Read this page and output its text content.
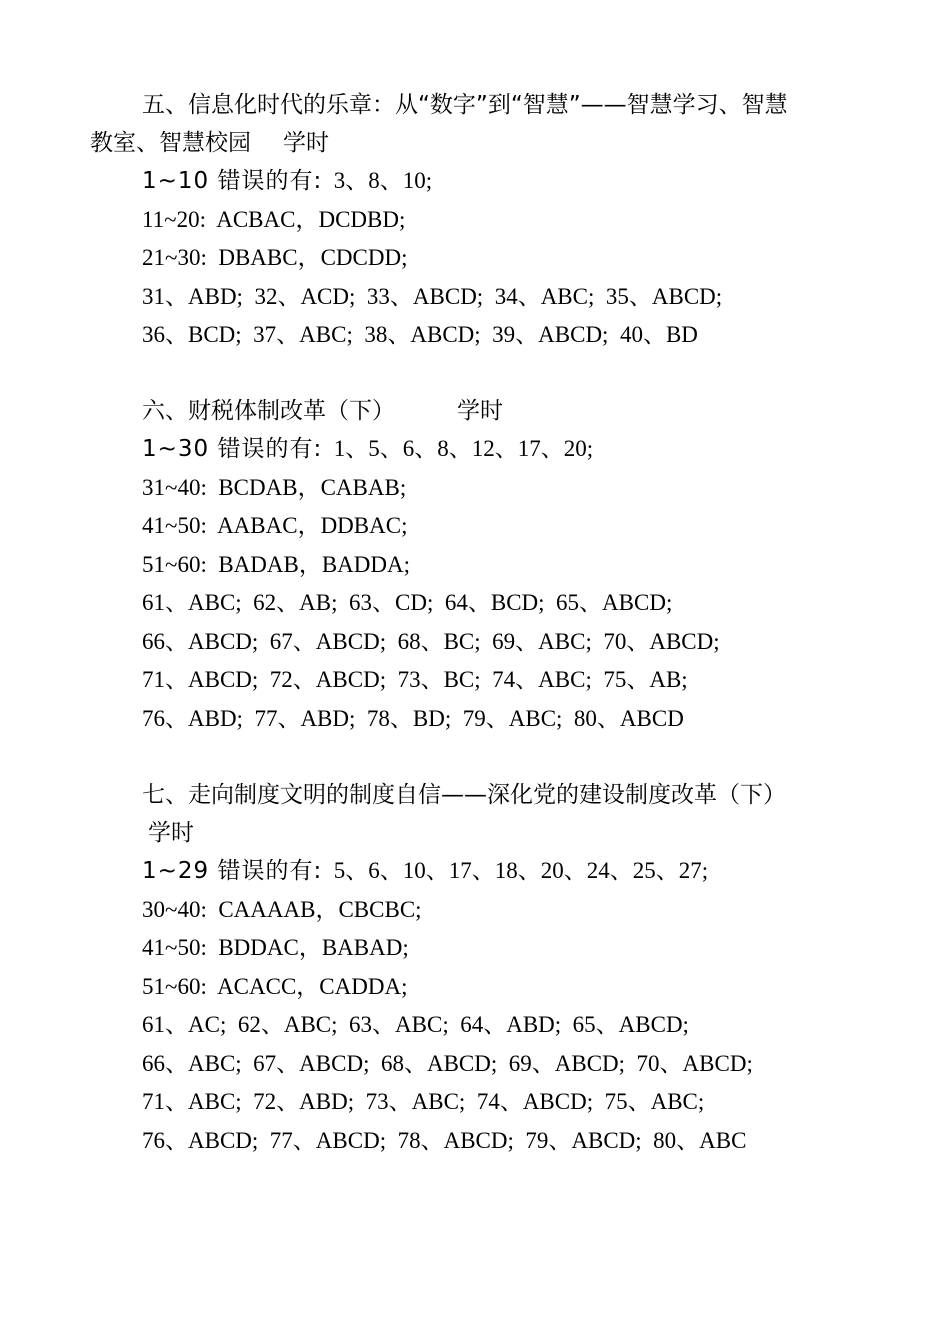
五、信息化时代的乐章：从“数字”到“智慧”——智慧学习、智慧
教室、智慧校园 学时
1~10 错误的有: 3、8、10;
11~20:  ACBAC，DCDBD;
21~30:  DBABC，CDCDD;
31、ABD;  32、ACD;  33、ABCD;  34、ABC;  35、ABCD;
36、BCD;  37、ABC;  38、ABCD;  39、ABCD;  40、BD
六、财税体制改革（下）	学时
1~30 错误的有: 1、5、6、8、12、17、20;
31~40:  BCDAB，CABAB;
41~50:  AABAC，DDBAC;
51~60:  BADAB，BADDA;
61、ABC;  62、AB;  63、CD;  64、BCD;  65、ABCD;
66、ABCD;  67、ABCD;  68、BC;  69、ABC;  70、ABCD;
71、ABCD;  72、ABCD;  73、BC;  74、ABC;  75、AB;
76、ABD;  77、ABD;  78、BD;  79、ABC;  80、ABCD
七、走向制度文明的制度自信——深化党的建设制度改革（下）
学时
1~29 错误的有: 5、6、10、17、18、20、24、25、27;
30~40:  CAAAAB，CBCBC;
41~50:  BDDAC，BABAD;
51~60:  ACACC，CADDA;
61、AC;  62、ABC;  63、ABC;  64、ABD;  65、ABCD;
66、ABC;  67、ABCD;  68、ABCD;  69、ABCD;  70、ABCD;
71、ABC;  72、ABD;  73、ABC;  74、ABCD;  75、ABC;
76、ABCD;  77、ABCD;  78、ABCD;  79、ABCD;  80、ABC
